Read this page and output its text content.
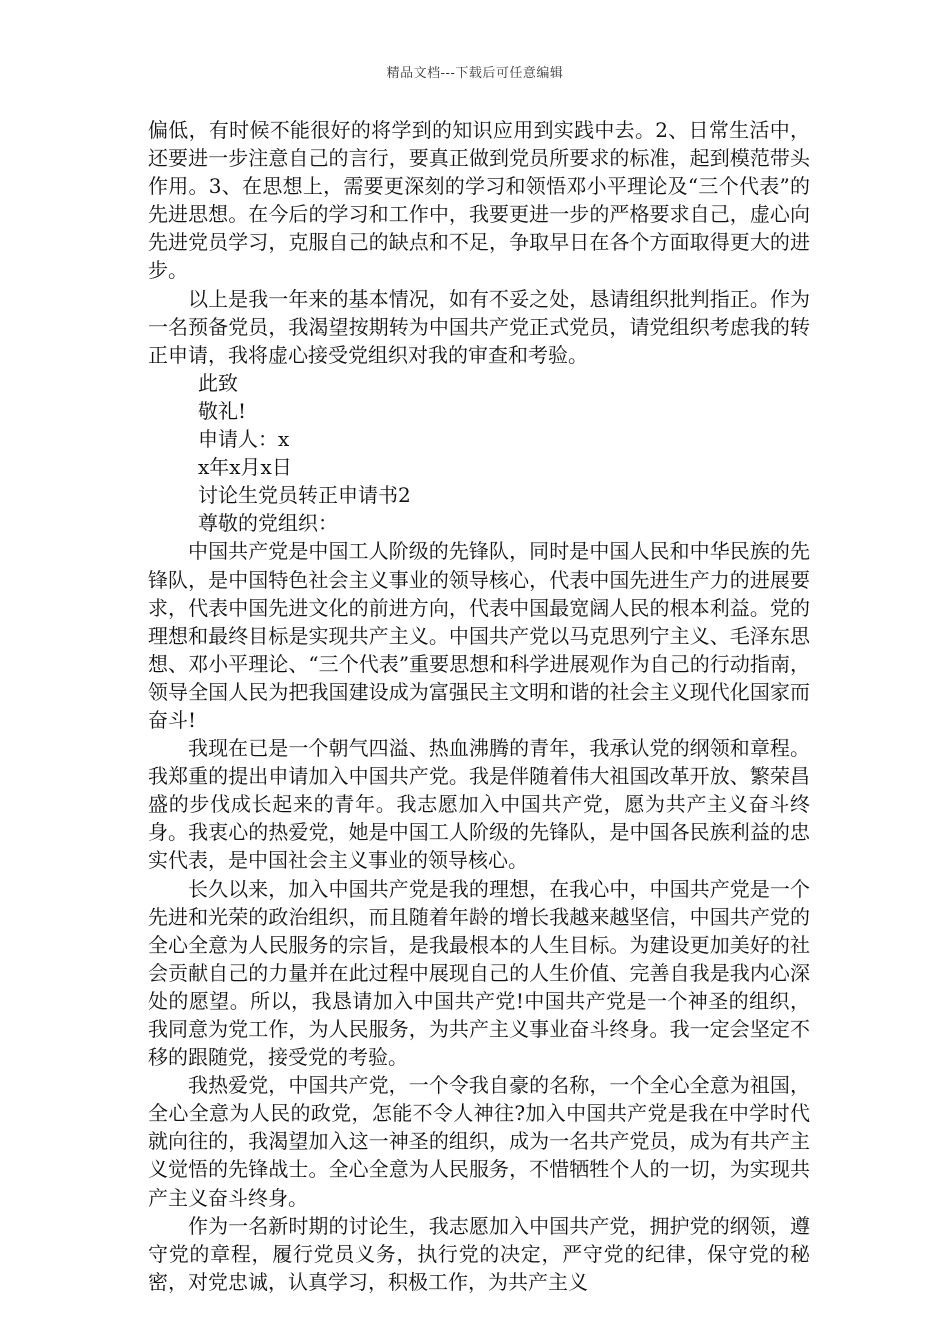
精品文档---下载后可任意编辑

偏低，有时候不能很好的将学到的知识应用到实践中去。2、日常生活中，还要进一步注意自己的言行，要真正做到党员所要求的标准，起到模范带头作用。3、在思想上，需要更深刻的学习和领悟邓小平理论及“三个代表”的先进思想。在今后的学习和工作中，我要更进一步的严格要求自己，虚心向先进党员学习，克服自己的缺点和不足，争取早日在各个方面取得更大的进步。

以上是我一年来的基本情况，如有不妥之处，恳请组织批判指正。作为一名预备党员，我渴望按期转为中国共产党正式党员，请党组织考虑我的转正申请，我将虚心接受党组织对我的审查和考验。

此致

敬礼!

申请人：x

x年x月x日

讨论生党员转正申请书2

尊敬的党组织：

中国共产党是中国工人阶级的先锋队，同时是中国人民和中华民族的先锋队，是中国特色社会主义事业的领导核心，代表中国先进生产力的进展要求，代表中国先进文化的前进方向，代表中国最宽阔人民的根本利益。党的理想和最终目标是实现共产主义。中国共产党以马克思列宁主义、毛泽东思想、邓小平理论、“三个代表”重要思想和科学进展观作为自己的行动指南，领导全国人民为把我国建设成为富强民主文明和谐的社会主义现代化国家而奋斗!

我现在已是一个朝气四溢、热血沸腾的青年，我承认党的纲领和章程。我郑重的提出申请加入中国共产党。我是伴随着伟大祖国改革开放、繁荣昌盛的步伐成长起来的青年。我志愿加入中国共产党，愿为共产主义奋斗终身。我衷心的热爱党，她是中国工人阶级的先锋队，是中国各民族利益的忠实代表，是中国社会主义事业的领导核心。

长久以来，加入中国共产党是我的理想，在我心中，中国共产党是一个先进和光荣的政治组织，而且随着年龄的增长我越来越坚信，中国共产党的全心全意为人民服务的宗旨，是我最根本的人生目标。为建设更加美好的社会贡献自己的力量并在此过程中展现自己的人生价值、完善自我是我内心深处的愿望。所以，我恳请加入中国共产党!中国共产党是一个神圣的组织，我同意为党工作，为人民服务，为共产主义事业奋斗终身。我一定会坚定不移的跟随党，接受党的考验。

我热爱党，中国共产党，一个令我自豪的名称，一个全心全意为祖国，全心全意为人民的政党，怎能不令人神往?加入中国共产党是我在中学时代就向往的，我渴望加入这一神圣的组织，成为一名共产党员，成为有共产主义觉悟的先锋战士。全心全意为人民服务，不惜牺牲个人的一切，为实现共产主义奋斗终身。

作为一名新时期的讨论生，我志愿加入中国共产党，拥护党的纲领，遵守党的章程，履行党员义务，执行党的决定，严守党的纪律，保守党的秘密，对党忠诚，认真学习，积极工作，为共产主义
